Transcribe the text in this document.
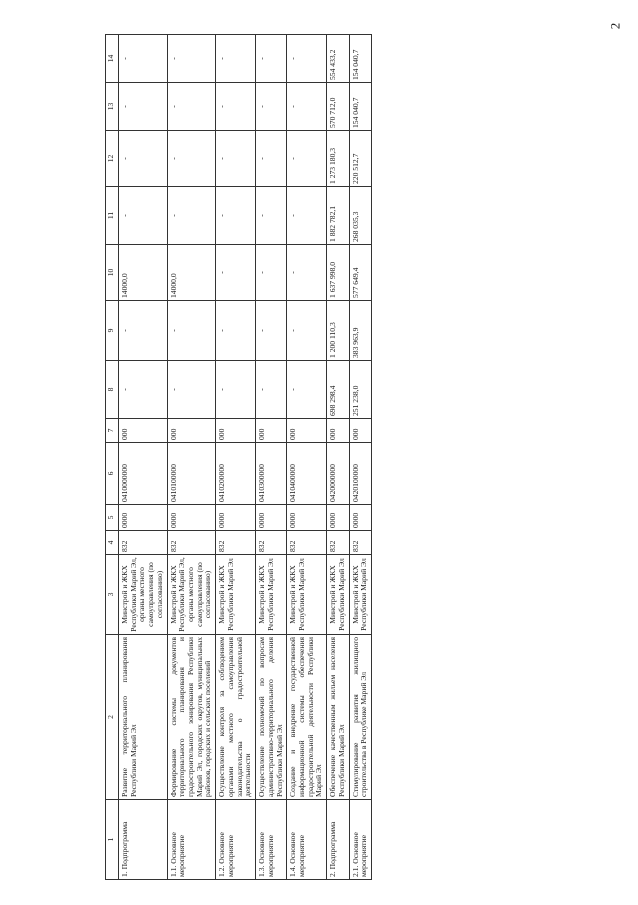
2
1	2	3	4	5	6	7	8	9	10	11	12	13	14
1. Подпрограмма	Развитие территориального планирования Республики Марий Эл	Минстрой и ЖКХ Республики Марий Эл, органы местного самоуправления (по согласованию)	832	0000	0410000000	000	-	-	14000,0	-	-	-	-
1.1. Основное мероприятие	Формирование системы документов территориального планирования и градостроительного зонирования Республики Марий Эл, городских округов, муниципальных районов, городских и сельских поселений	Минстрой и ЖКХ Республики Марий Эл, органы местного самоуправления (по согласованию)	832	0000	0410100000	000	-	-	14000,0	-	-	-	-
1.2. Основное мероприятие	Осуществление контроля за соблюдением органами местного самоуправления законодательства о градостроительной деятельности	Минстрой и ЖКХ Республики Марий Эл	832	0000	0410200000	000	-	-	-	-	-	-	-
1.3. Основное мероприятие	Осуществление полномочий по вопросам административно-территориального деления Республики Марий Эл	Минстрой и ЖКХ Республики Марий Эл	832	0000	0410300000	000	-	-	-	-	-	-	-
1.4. Основное мероприятие	Создание и внедрение государственной информационной системы обеспечения градостроительной деятельности Республики Марий Эл	Минстрой и ЖКХ Республики Марий Эл	832	0000	0410400000	000	-	-	-	-	-	-	-
2. Подпрограмма	Обеспечение качественным жильем населения Республики Марий Эл	Минстрой и ЖКХ Республики Марий Эл	832	0000	0420000000	000	698 298,4	1 200 110,3	1 637 998,0	1 882 782,1	1 273 180,3	570 712,0	554 433,2
2.1. Основное мероприятие	Стимулирование развития жилищного строительства в Республике Марий Эл	Минстрой и ЖКХ Республики Марий Эл	832	0000	0420100000	000	251 238,0	383 963,9	577 649,4	268 035,3	220 512,7	154 040,7	154 040,7
